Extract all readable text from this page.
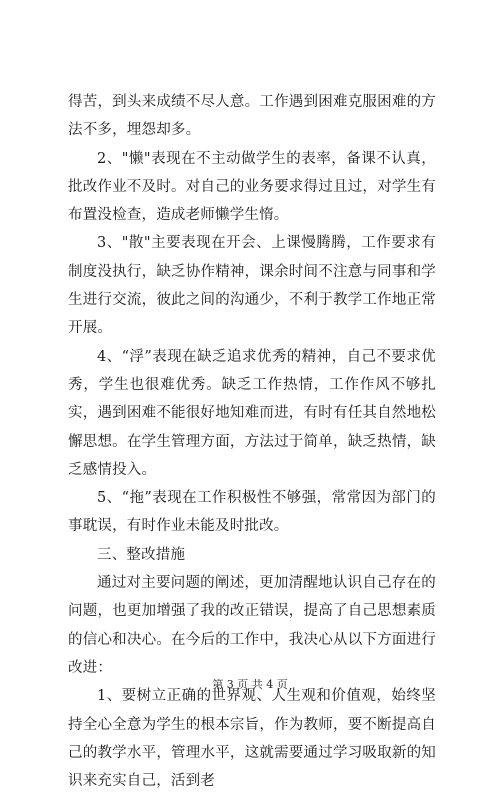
得苦，到头来成绩不尽人意。工作遇到困难克服困难的方法不多，埋怨却多。

2、"懒"表现在不主动做学生的表率，备课不认真，批改作业不及时。对自己的业务要求得过且过，对学生有布置没检查，造成老师懒学生惰。

3、"散"主要表现在开会、上课慢腾腾，工作要求有制度没执行，缺乏协作精神，课余时间不注意与同事和学生进行交流，彼此之间的沟通少，不利于教学工作地正常开展。

4、“浮”表现在缺乏追求优秀的精神，自己不要求优秀，学生也很难优秀。缺乏工作热情，工作作风不够扎实，遇到困难不能很好地知难而进，有时有任其自然地松懈思想。在学生管理方面，方法过于简单，缺乏热情，缺乏感情投入。

5、“拖”表现在工作积极性不够强，常常因为部门的事耽误，有时作业未能及时批改。

三、整改措施

通过对主要问题的阐述，更加清醒地认识自己存在的问题，也更加增强了我的改正错误，提高了自己思想素质的信心和决心。在今后的工作中，我决心从以下方面进行改进：

1、要树立正确的世界观、人生观和价值观，始终坚持全心全意为学生的根本宗旨，作为教师，要不断提高自己的教学水平，管理水平，这就需要通过学习吸取新的知识来充实自己，活到老

第 3 页 共 4 页
